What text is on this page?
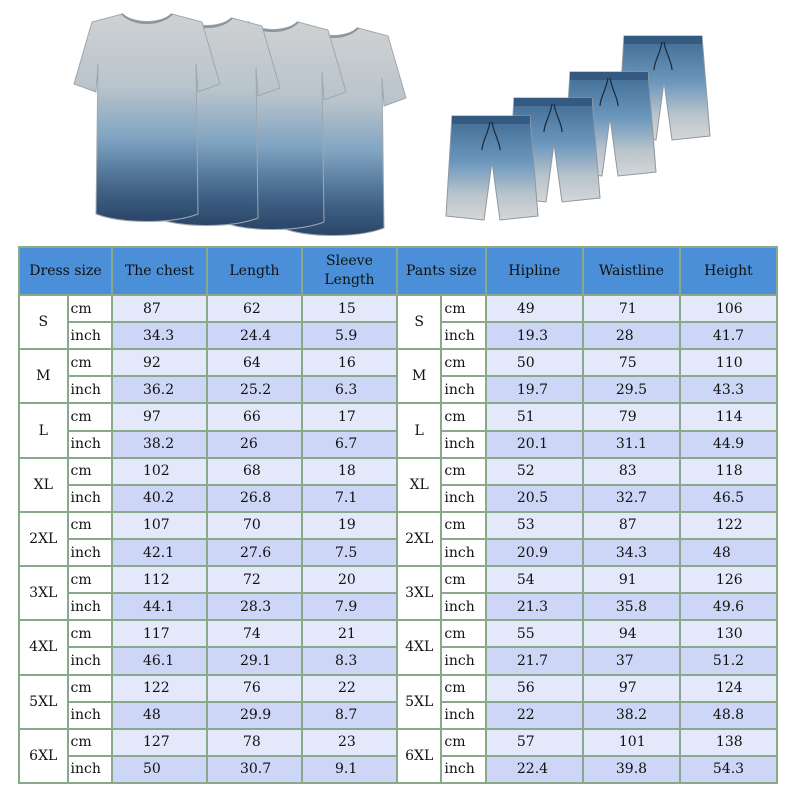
Dress size		The chest	Length	Sleeve Length	Pants size		Hipline	Waistline	Height
S	cm	87	62	15	S	cm	49	71	106
	inch	34.3	24.4	5.9		inch	19.3	28	41.7
M	cm	92	64	16	M	cm	50	75	110
	inch	36.2	25.2	6.3		inch	19.7	29.5	43.3
L	cm	97	66	17	L	cm	51	79	114
	inch	38.2	26	6.7		inch	20.1	31.1	44.9
XL	cm	102	68	18	XL	cm	52	83	118
	inch	40.2	26.8	7.1		inch	20.5	32.7	46.5
2XL	cm	107	70	19	2XL	cm	53	87	122
	inch	42.1	27.6	7.5		inch	20.9	34.3	48
3XL	cm	112	72	20	3XL	cm	54	91	126
	inch	44.1	28.3	7.9		inch	21.3	35.8	49.6
4XL	cm	117	74	21	4XL	cm	55	94	130
	inch	46.1	29.1	8.3		inch	21.7	37	51.2
5XL	cm	122	76	22	5XL	cm	56	97	124
	inch	48	29.9	8.7		inch	22	38.2	48.8
6XL	cm	127	78	23	6XL	cm	57	101	138
	inch	50	30.7	9.1		inch	22.4	39.8	54.3
